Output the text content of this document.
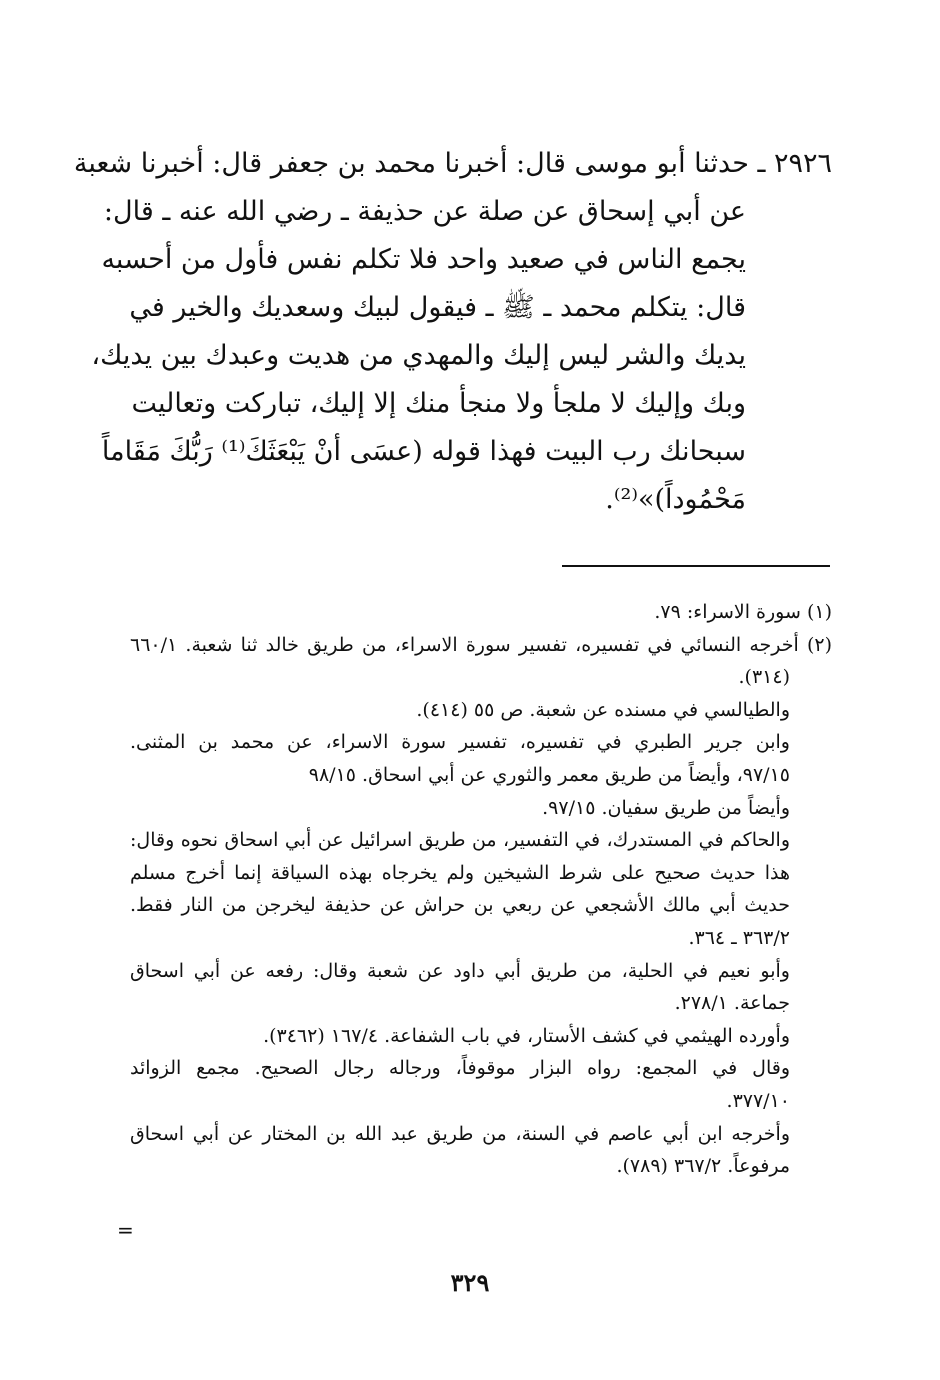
٢٩٢٦ ـ حدثنا أبو موسى قال: أخبرنا محمد بن جعفر قال: أخبرنا شعبة
عن أبي إسحاق عن صلة عن حذيفة ـ رضي الله عنه ـ قال:
يجمع الناس في صعيد واحد فلا تكلم نفس فأول من أحسبه
قال: يتكلم محمد ـ ﷺ ـ فيقول لبيك وسعديك والخير في
يديك والشر ليس إليك والمهدي من هديت وعبدك بين يديك،
وبك وإليك لا ملجأ ولا منجأ منك إلا إليك، تباركت وتعاليت
سبحانك رب البيت فهذا قوله (عسَى أنْ يَبْعَثَكَ⁽¹⁾ رَبُّكَ مَقَاماً
مَحْمُوداً)»⁽²⁾.
(١) سورة الاسراء: ٧٩.
(٢) أخرجه النسائي في تفسيره، تفسير سورة الاسراء، من طريق خالد ثنا شعبة. ٦٦٠/١
(٣١٤).
والطيالسي في مسنده عن شعبة. ص ٥٥ (٤١٤).
وابن جرير الطبري في تفسيره، تفسير سورة الاسراء، عن محمد بن المثنى.
٩٧/١٥، وأيضاً من طريق معمر والثوري عن أبي اسحاق. ٩٨/١٥
وأيضاً من طريق سفيان. ٩٧/١٥.
والحاكم في المستدرك، في التفسير، من طريق اسرائيل عن أبي اسحاق نحوه وقال:
هذا حديث صحيح على شرط الشيخين ولم يخرجاه بهذه السياقة إنما أخرج مسلم
حديث أبي مالك الأشجعي عن ربعي بن حراش عن حذيفة ليخرجن من النار فقط.
٣٦٣/٢ ـ ٣٦٤.
وأبو نعيم في الحلية، من طريق أبي داود عن شعبة وقال: رفعه عن أبي اسحاق
جماعة. ٢٧٨/١.
وأورده الهيثمي في كشف الأستار، في باب الشفاعة. ١٦٧/٤ (٣٤٦٢).
وقال في المجمع: رواه البزار موقوفاً، ورجاله رجال الصحيح. مجمع الزوائد
٣٧٧/١٠.
وأخرجه ابن أبي عاصم في السنة، من طريق عبد الله بن المختار عن أبي اسحاق
مرفوعاً. ٣٦٧/٢ (٧٨٩).
=
٣٢٩
